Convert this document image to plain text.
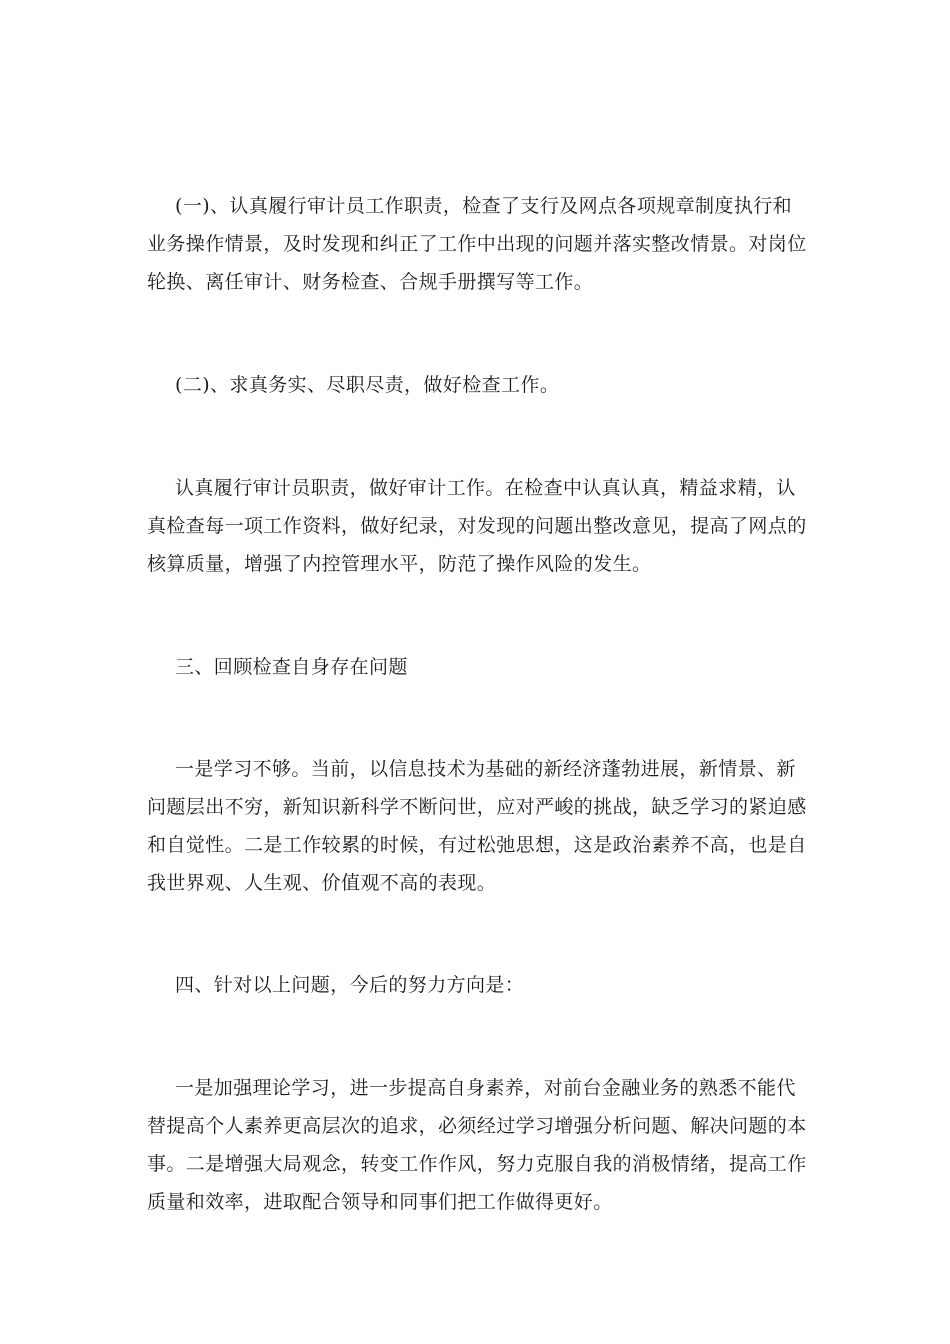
(一)、认真履行审计员工作职责，检查了支行及网点各项规章制度执行和业务操作情景，及时发现和纠正了工作中出现的问题并落实整改情景。对岗位轮换、离任审计、财务检查、合规手册撰写等工作。

(二)、求真务实、尽职尽责，做好检查工作。

认真履行审计员职责，做好审计工作。在检查中认真认真，精益求精，认真检查每一项工作资料，做好纪录，对发现的问题出整改意见，提高了网点的核算质量，增强了内控管理水平，防范了操作风险的发生。

三、回顾检查自身存在问题

一是学习不够。当前，以信息技术为基础的新经济蓬勃进展，新情景、新问题层出不穷，新知识新科学不断问世，应对严峻的挑战，缺乏学习的紧迫感和自觉性。二是工作较累的时候，有过松弛思想，这是政治素养不高，也是自我世界观、人生观、价值观不高的表现。

四、针对以上问题，今后的努力方向是：

一是加强理论学习，进一步提高自身素养，对前台金融业务的熟悉不能代替提高个人素养更高层次的追求，必须经过学习增强分析问题、解决问题的本事。二是增强大局观念，转变工作作风，努力克服自我的消极情绪，提高工作质量和效率，进取配合领导和同事们把工作做得更好。
